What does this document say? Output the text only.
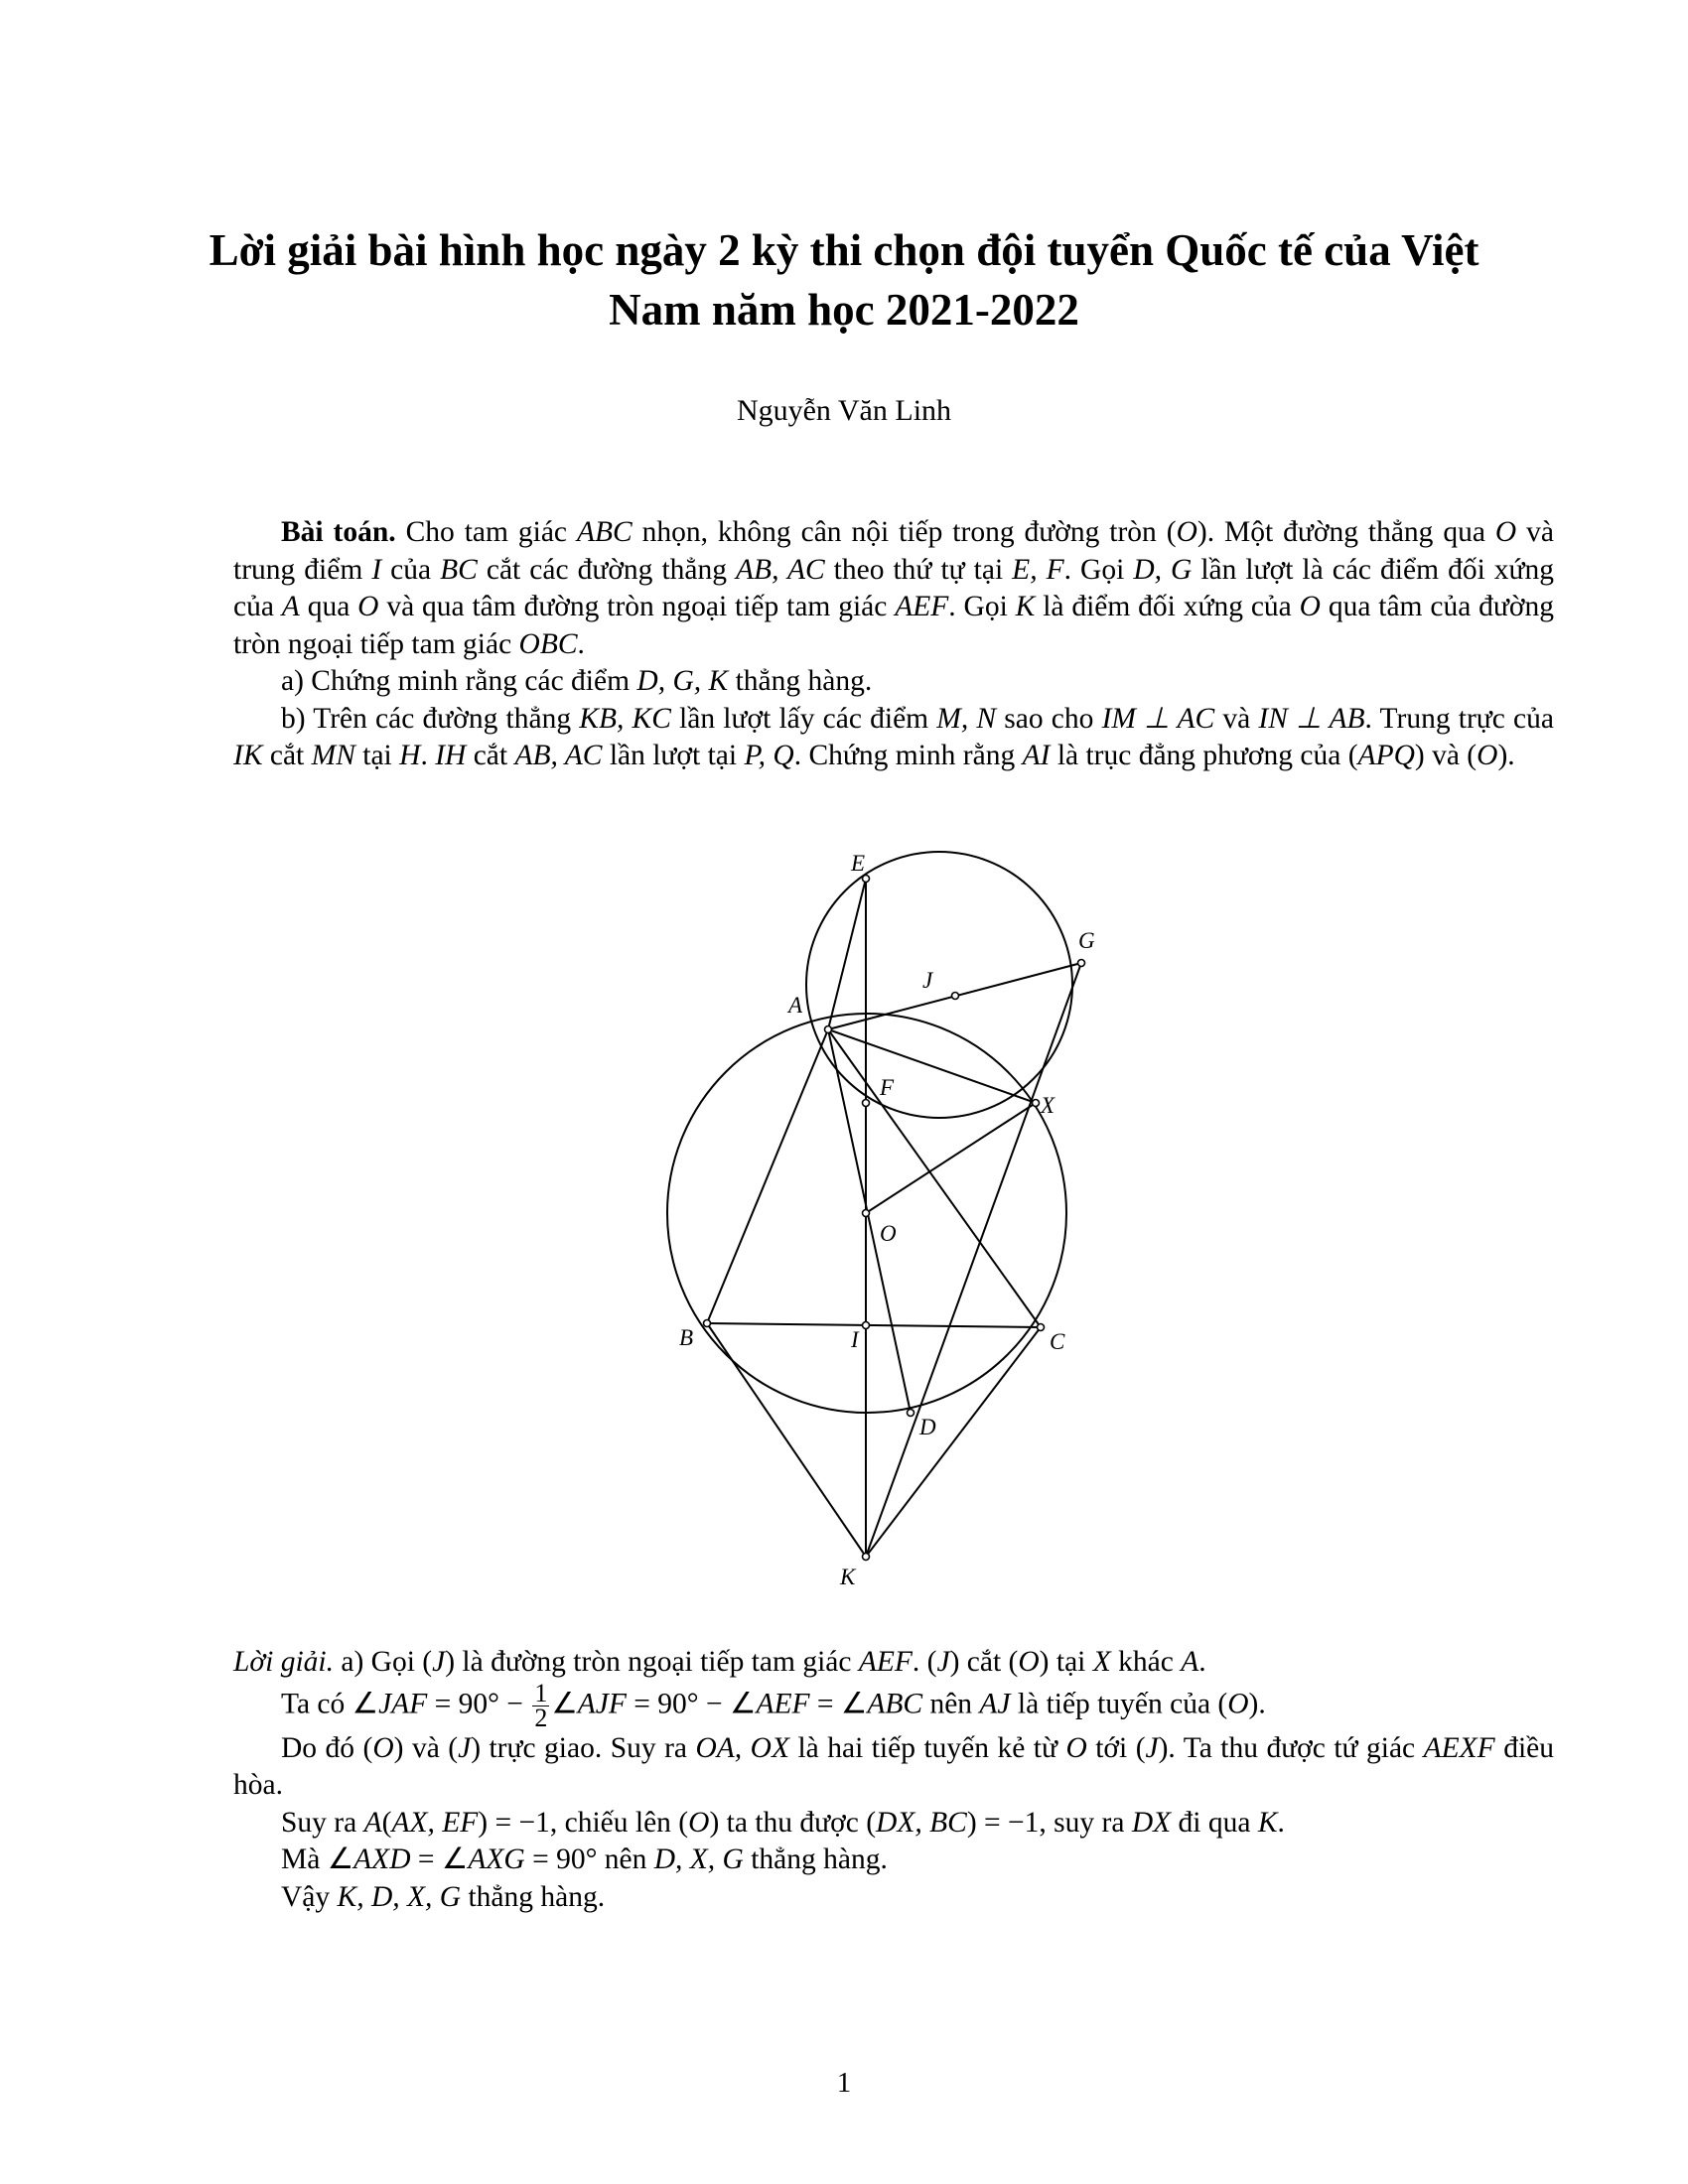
Lời giải bài hình học ngày 2 kỳ thi chọn đội tuyển Quốc tế của Việt Nam năm học 2021-2022
Nguyễn Văn Linh

Bài toán. Cho tam giác ABC nhọn, không cân nội tiếp trong đường tròn (O). Một đường thẳng qua O và trung điểm I của BC cắt các đường thẳng AB, AC theo thứ tự tại E, F. Gọi D, G lần lượt là các điểm đối xứng của A qua O và qua tâm đường tròn ngoại tiếp tam giác AEF. Gọi K là điểm đối xứng của O qua tâm của đường tròn ngoại tiếp tam giác OBC.

a) Chứng minh rằng các điểm D, G, K thẳng hàng.

b) Trên các đường thẳng KB, KC lần lượt lấy các điểm M, N sao cho IM ⊥ AC và IN ⊥ AB. Trung trực của IK cắt MN tại H. IH cắt AB, AC lần lượt tại P, Q. Chứng minh rằng AI là trục đẳng phương của (APQ) và (O).

E
G
J
A
F
X
O
B	I	C
D
K

Lời giải. a) Gọi (J) là đường tròn ngoại tiếp tam giác AEF. (J) cắt (O) tại X khác A.

Ta có ∠JAF = $90^\circ - \frac{1}{2}$ ∠AJF = 90° − ∠AEF = ∠ABC nên AJ là tiếp tuyến của (O).

Do đó (O) và (J) trực giao. Suy ra OA, OX là hai tiếp tuyến kẻ từ O tới (J). Ta thu được tứ giác AEXF điều hòa.

Suy ra A(AX, EF) = −1, chiếu lên (O) ta thu được (DX, BC) = −1, suy ra DX đi qua K.

Mà ∠AXD = ∠AXG = 90° nên D, X, G thẳng hàng.

Vậy K, D, X, G thẳng hàng.

1
